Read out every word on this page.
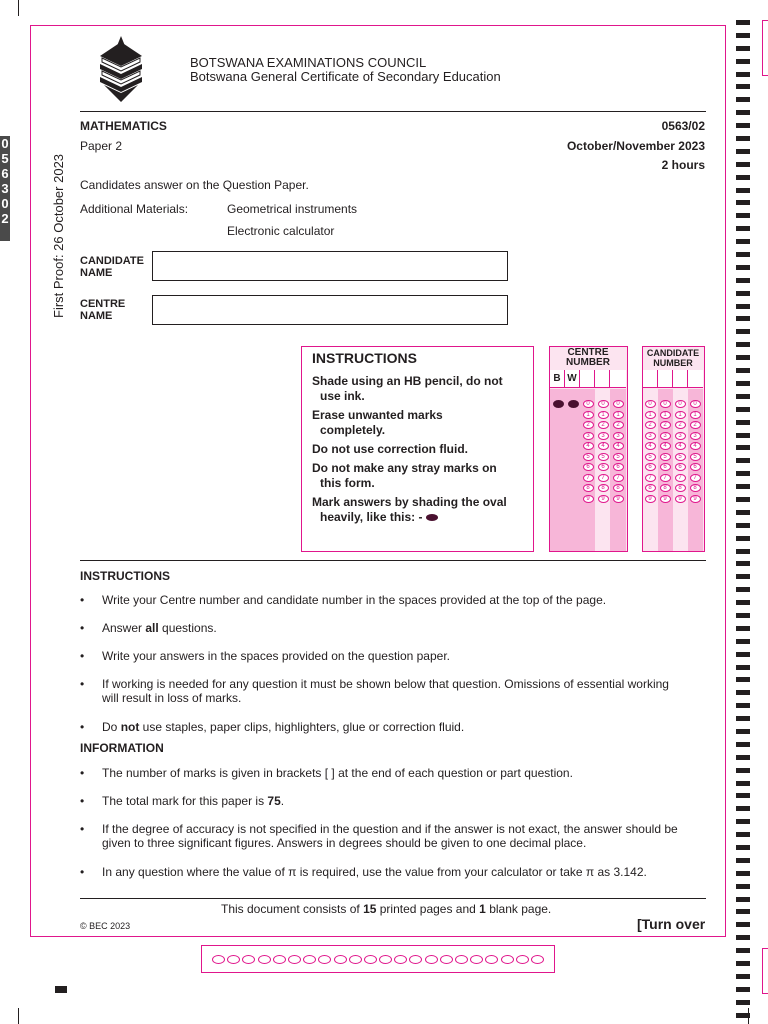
0
5
6
3
0
2	First Proof: 26 October 2023
BOTSWANA EXAMINATIONS COUNCIL
Botswana General Certificate of Secondary Education
MATHEMATICS	0563/02
Paper 2	October/November 2023
2 hours
Candidates answer on the Question Paper.
Additional Materials:	Geometrical instruments
Electronic calculator
CANDIDATE
NAME
CENTRE
NAME
INSTRUCTIONS

Shade using an HB pencil, do not
use ink.

Erase unwanted marks
completely.

Do not use correction fluid.

Do not make any stray marks on
this form.

Mark answers by shading the oval
heavily, like this: -

CENTRE
NUMBER
B W
0
1
2
3
4
5
6
7
8
9
0
1
2
3
4
5
6
7
8
9
0
1
2
3
4
5
6
7
8
9
CANDIDATE
NUMBER
0
1
2
3
4
5
6
7
8
9
0
1
2
3
4
5
6
7
8
9
0
1
2
3
4
5
6
7
8
9
0
1
2
3
4
5
6
7
8
9
INSTRUCTIONS
• Write your Centre number and candidate number in the spaces provided at the top of the page.
• Answer all questions.
• Write your answers in the spaces provided on the question paper.
• If working is needed for any question it must be shown below that question. Omissions of essential working will result in loss of marks.
• Do not use staples, paper clips, highlighters, glue or correction fluid.
INFORMATION
• The number of marks is given in brackets [ ] at the end of each question or part question.
• The total mark for this paper is 75.
• If the degree of accuracy is not specified in the question and if the answer is not exact, the answer should be given to three significant figures. Answers in degrees should be given to one decimal place.
• In any question where the value of π is required, use the value from your calculator or take π as 3.142.
This document consists of 15 printed pages and 1 blank page.
© BEC 2023	[Turn over
